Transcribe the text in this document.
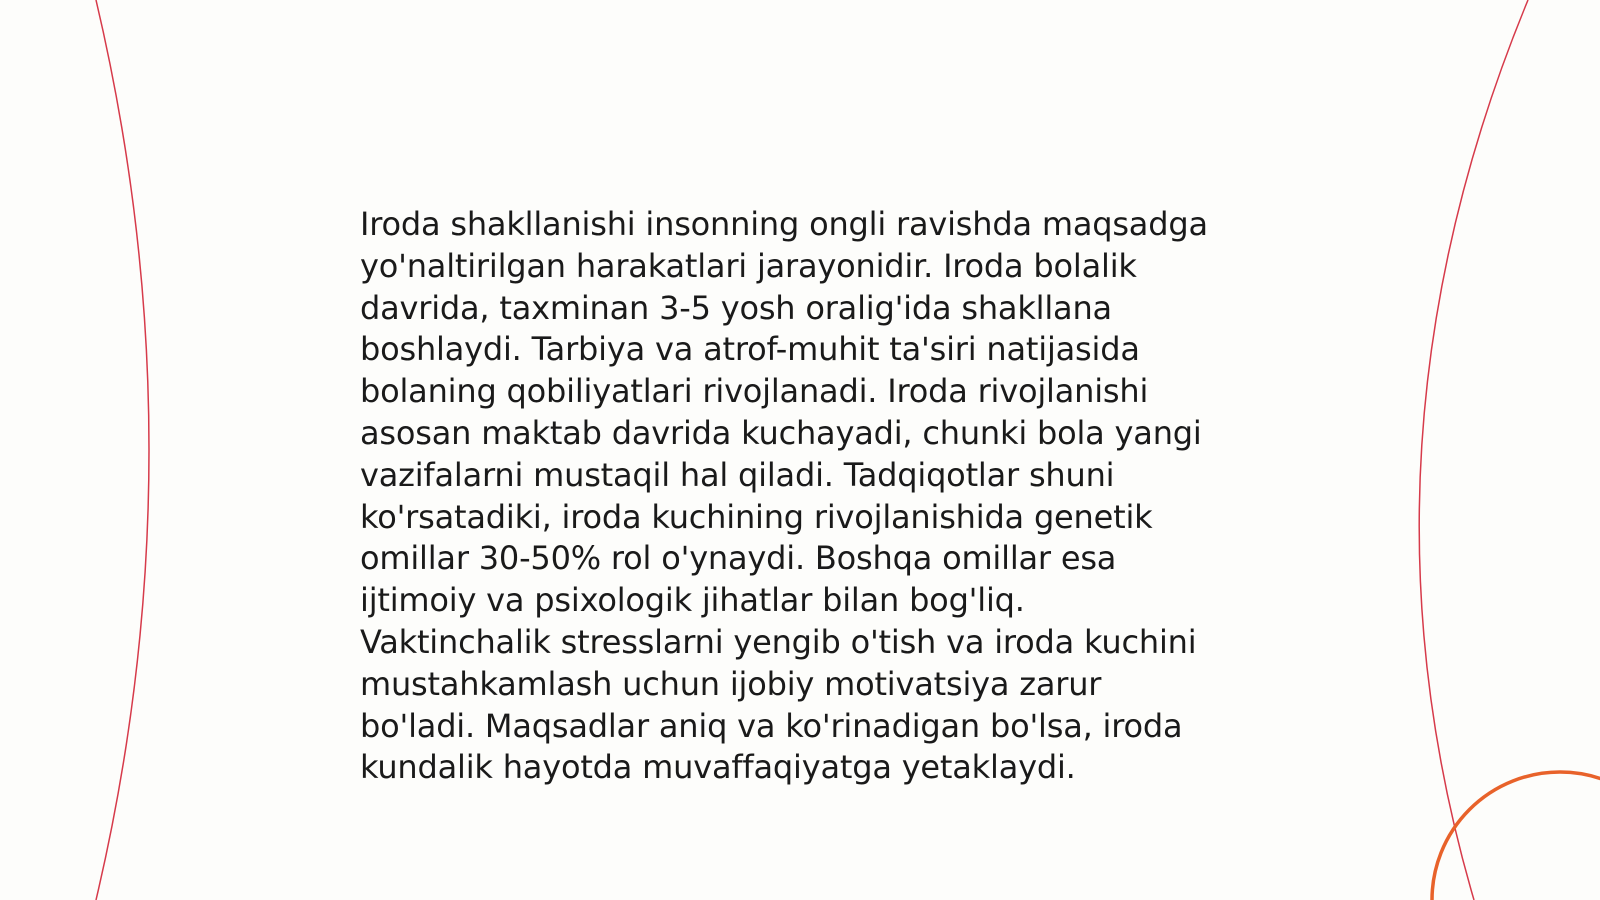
Iroda shakllanishi insonning ongli ravishda maqsadga
yo'naltirilgan harakatlari jarayonidir. Iroda bolalik
davrida, taxminan 3-5 yosh oralig'ida shakllana
boshlaydi. Tarbiya va atrof-muhit ta'siri natijasida
bolaning qobiliyatlari rivojlanadi. Iroda rivojlanishi
asosan maktab davrida kuchayadi, chunki bola yangi
vazifalarni mustaqil hal qiladi. Tadqiqotlar shuni
ko'rsatadiki, iroda kuchining rivojlanishida genetik
omillar 30-50% rol o'ynaydi. Boshqa omillar esa
ijtimoiy va psixologik jihatlar bilan bog'liq.
Vaktinchalik stresslarni yengib o'tish va iroda kuchini
mustahkamlash uchun ijobiy motivatsiya zarur
bo'ladi. Maqsadlar aniq va ko'rinadigan bo'lsa, iroda
kundalik hayotda muvaffaqiyatga yetaklaydi.
